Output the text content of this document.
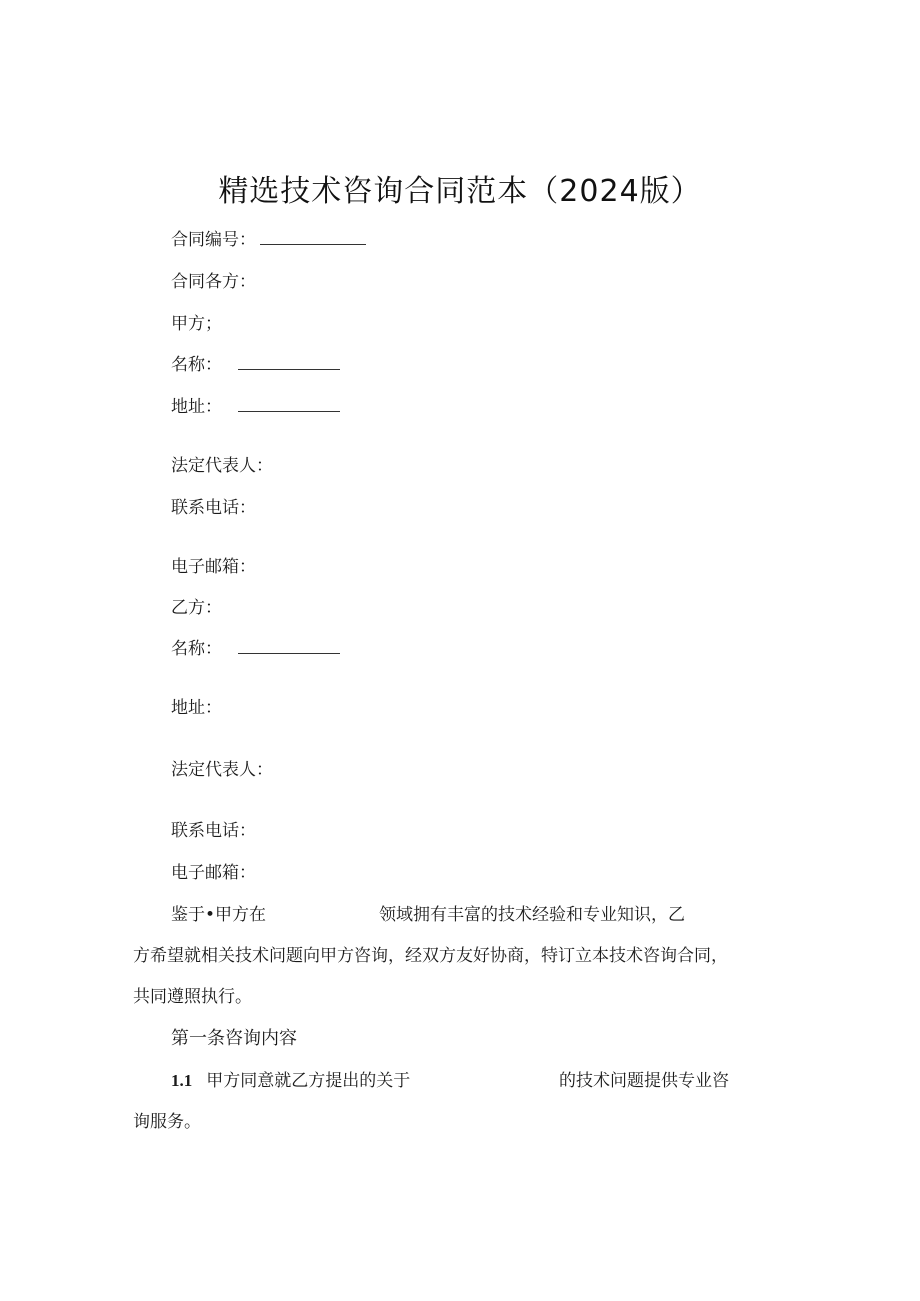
精选技术咨询合同范本（2024版）
合同编号：
合同各方：
甲方；
名称：
地址：
法定代表人：
联系电话：
电子邮箱：
乙方：
名称：
地址：
法定代表人：
联系电话：
电子邮箱：
鉴于•甲方在	领域拥有丰富的技术经验和专业知识，乙
方希望就相关技术问题向甲方咨询，经双方友好协商，特订立本技术咨询合同，
共同遵照执行。
第一条咨询内容
1.1 甲方同意就乙方提出的关于	的技术问题提供专业咨
询服务。
